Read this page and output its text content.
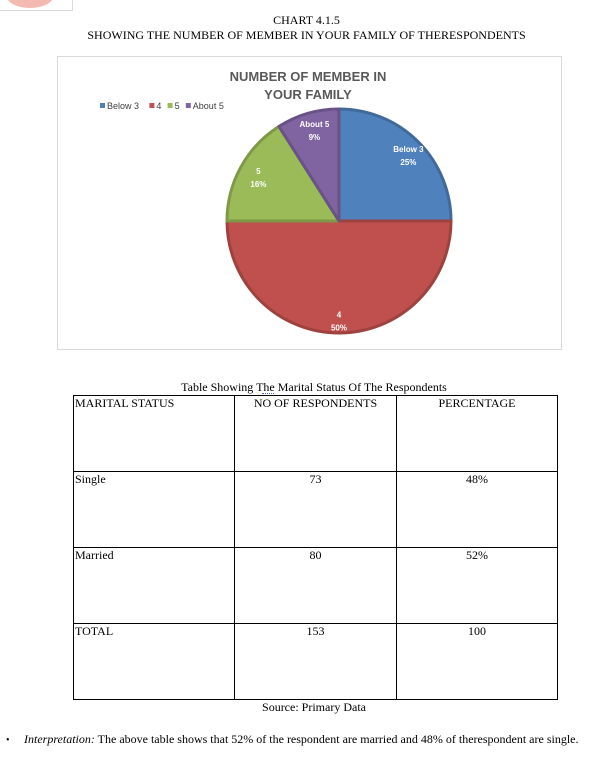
CHART 4.1.5
SHOWING THE NUMBER OF MEMBER IN YOUR FAMILY OF THERESPONDENTS
NUMBER OF MEMBER IN
YOUR FAMILY
Below 3 4 5 About 5
Below 3
25%
4
50%
5
16%
About 5
9%
Table Showing The Marital Status Of The Respondents
MARITAL STATUS	NO OF RESPONDENTS	PERCENTAGE
Single	73	48%
Married	80	52%
TOTAL	153	100
Source: Primary Data
• Interpretation: The above table shows that 52% of the respondent are married and 48% of therespondent are single.
